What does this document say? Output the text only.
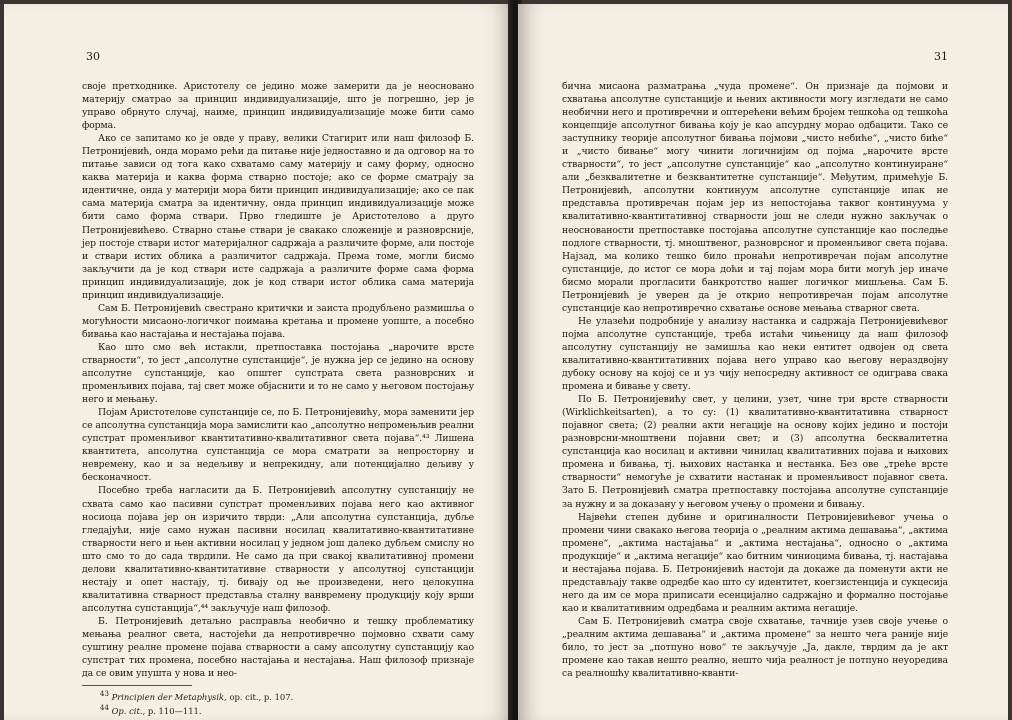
30

своје претходнике. Аристотелу се једино може замерити да је неосновано материју сматрао за принцип индивидуализације, што је погрешно, јер је управо обрнуто случај, наиме, принцип индивидуализације може бити само форма.

Ако се запитамо ко је овде у праву, велики Стагирит или наш филозоф Б. Петронијевић, онда морамо рећи да питање није једноставно и да одговор на то питање зависи од тога како схватамо саму материју и саму форму, односно каква материја и каква форма стварно постоје; ако се форме сматрају за идентичне, онда у материји мора бити принцип индивидуализације; ако се пак сама материја сматра за идентичну, онда принцип индивидуализације може бити само форма ствари. Прво гледиште је Аристотелово а друго Петронијевићево. Стварно стање ствари је свакако сложеније и разноврсније, јер постоје ствари истог материјалног садржаја а различите форме, али постоје и ствари истих облика а различитог садржаја. Према томе, могли бисмо закључити да је код ствари исте садржаја а различите форме сама форма принцип индивидуализације, док је код ствари истог облика сама материја принцип индивидуализације.

Сам Б. Петронијевић свестрано критички и заиста продубљено размишља о могућности мисаоно-логичког поимања кретања и промене уопште, а посебно бивања као настајања и нестајања појава.

Као што смо већ истакли, претпоставка постојања „нарочите врсте стварности“, то јест „апсолутне супстанције“, је нужна јер се једино на основу апсолутне супстанције, као општег супстрата света разноврсних и променљивих појава, тај свет може објаснити и то не само у његовом постојању него и мењању.

Појам Аристотелове супстанције се, по Б. Петронијевићу, мора заменити јер се апсолутна супстанција мора замислити као „апсолутно непромењљив реални супстрат променљивог квантитативно-квалитативног света појава“.⁴³ Лишена квантитета, апсолутна супстанција се мора сматрати за непросторну и невремену, као и за недељиву и непрекидну, али потенцијално дељиву у бесконачност.

Посебно треба нагласити да Б. Петронијевић апсолутну супстанцију не схвата само као пасивни супстрат променљивих појава него као активног носиоца појава јер он изричито тврди: „Али апсолутна супстанција, дубље гледајући, није само нужан пасивни носилац квалитативно-квантитативне стварности него и њен активни носилац у једном још далеко дубљем смислу но што смо то до сада тврдили. Не само да при свакој квалитативној промени делови квалитативно-квантитативне стварности у апсолутној супстанцији нестају и опет настају, тј. бивају од ње произведени, него целокупна квалитативна стварност представља сталну ванвремену продукцију коју врши апсолутна супстанција“,⁴⁴ закључује наш филозоф.

Б. Петронијевић детаљно расправља необично и тешку проблематику мењања реалног света, настојећи да непротивречно појмовно схвати саму суштину реалне промене појава стварности а саму апсолутну супстанцију као супстрат тих промена, посебно настајања и нестајања. Наш филозоф признаје да се овим упушта у нова и нео-

$^{43}$ Principien der Metaphysik, op. cit., p. 107.
$^{44}$ Op. cit., p. 110—111.
31

бична мисаона разматрања „чуда промене“. Он признаје да појмови и схватања апсолутне супстанције и њених активности могу изгледати не само необични него и противречни и оптерећени већим бројем тешкоћа од тешкоћа концепције апсолутног бивања коју је као апсурдну морао одбацити. Тако се заступнику теорије апсолутног бивања појмови „чисто небиће“, „чисто биће“ и „чисто бивање“ могу чинити логичнијим од појма „нарочите врсте стварности“, то јест „апсолутне супстанције“ као „апсолутно континуиране“ али „безквалитетне и безквантитетне супстанције“. Међутим, примећује Б. Петронијевић, апсолутни континуум апсолутне супстанције ипак не представља противречан појам јер из непостојања таквог континуума у квалитативно-квантитативној стварности још не следи нужно закључак о неоснованости претпоставке постојања апсолутне супстанције као последње подлоге стварности, тј. мноштвеног, разноврсног и променљивог света појава. Најзад, ма колико тешко било пронаћи непротивречан појам апсолутне супстанције, до истог се мора доћи и тај појам мора бити могућ јер иначе бисмо морали прогласити банкротство нашег логичког мишљења. Сам Б. Петронијевић је уверен да је открио непротивречан појам апсолутне супстанције као непротивречно схватање основе мењања стварног света.

Не улазећи подробније у анализу настанка и садржаја Петронијевићевог појма апсолутне супстанције, треба истаћи чињеницу да наш филозоф апсолутну супстанцију не замишља као неки ентитет одвојен од света квалитативно-квантитативних појава него управо као његову нераздвојну дубоку основу на којој се и уз чију непосредну активност се одиграва свака промена и бивање у свету.

По Б. Петронијевићу свет, у целини, узет, чине три врсте стварности (Wirklichkeitsarten), а то су: (1) квалитативно-квантитативна стварност појавног света; (2) реални акти негације на основу којих једино и постоји разноврсни-мноштвени појавни свет; и (3) апсолутна бесквалитетна супстанција као носилац и активни чинилац квалитативних појава и њихових промена и бивања, тј. њихових настанка и нестанка. Без ове „треће врсте стварности“ немогуће је схватити настанак и променљивост појавног света. Зато Б. Петронијевић сматра претпоставку постојања апсолутне супстанције за нужну и за доказану у његовом учењу о промени и бивању.

Највећи степен дубине и оригиналности Петронијевићевог учења о промени чини свакако његова теорија о „реалним актима дешавања“, „актима промене“, „актима настајања“ и „актима нестајања“, односно о „актима продукције“ и „актима негације“ као битним чиниоцима бивања, тј. настајања и нестајања појава. Б. Петронијевић настоји да докаже да поменути акти не представљају такве одредбе као што су идентитет, коегзистенција и сукцесија него да им се мора приписати есенцијално садржајно и формално постојање као и квалитативним одредбама и реалним актима негације.

Сам Б. Петронијевић сматра своје схватање, тачније узев своје учење о „реалним актима дешавања“ и „актима промене“ за нешто чега раније није било, то јест за „потпуно ново“ те закључује „Ја, дакле, тврдим да је акт промене као такав нешто реално, нешто чија реалност је потпуно неуоредива са реалношћу квалитативно-кванти-
